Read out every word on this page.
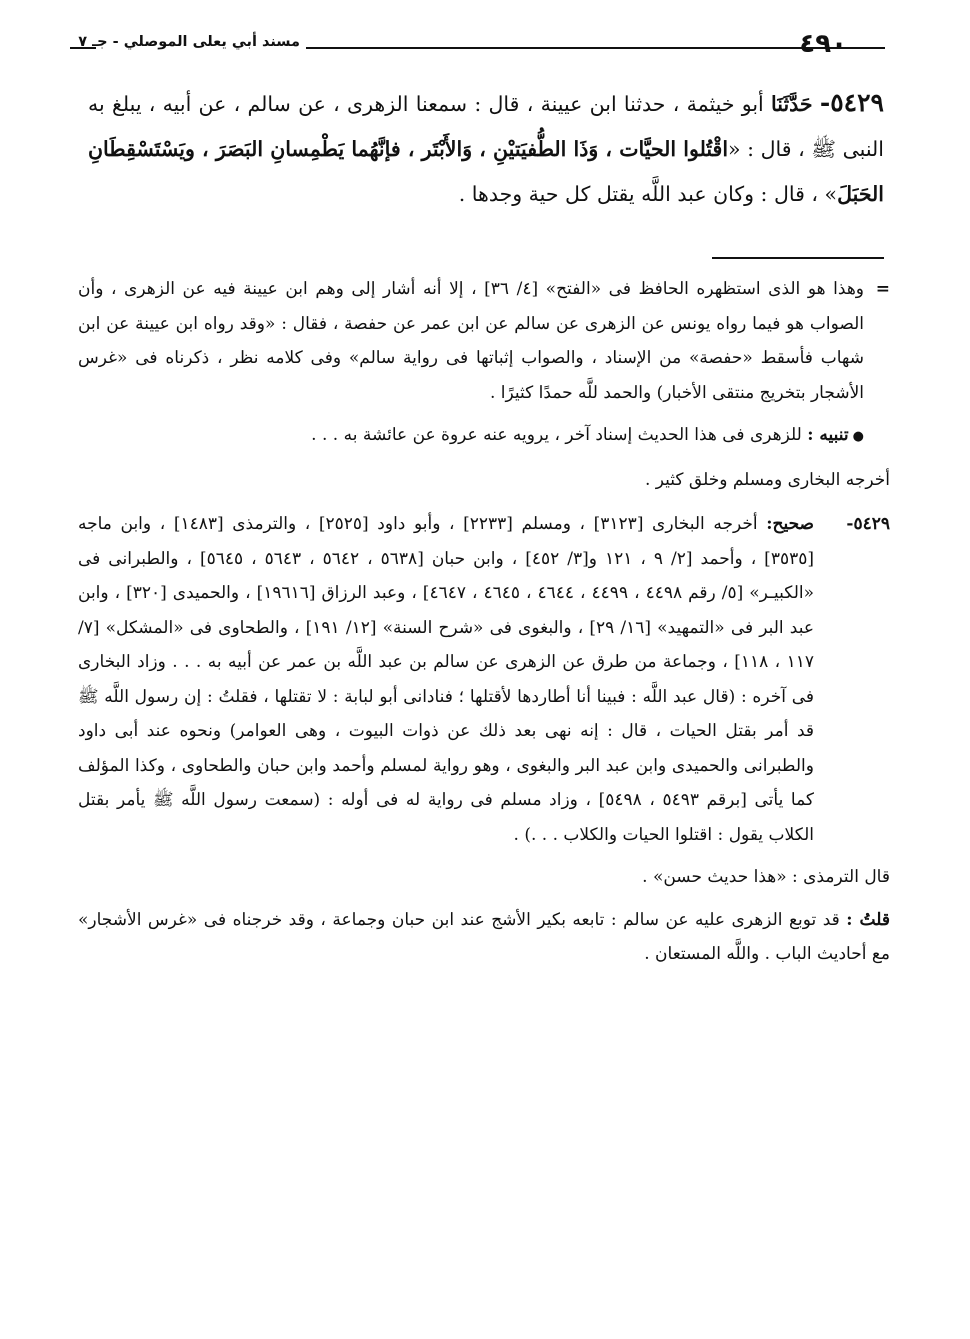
مسند أبي يعلى الموصلي - جـ ٧	٤٩٠
٥٤٢٩- حَدَّثَنَا أبو خيثمة ، حدثنا ابن عيينة ، قال : سمعنا الزهرى ، عن سالم ، عن أبيه ، يبلغ به النبى ﷺ ، قال : «اقْتُلوا الحيَّات ، وَذَا الطُّفيَتيْنِ ، وَالأَبْتَر ، فإنَّهُما يَطْمِسانِ البَصَرَ ، ويَسْتَسْقِطَانِ الحَبَلَ» ، قال : وكان عبد اللَّه يقتل كل حية وجدها .

=
وهذا هو الذى استظهره الحافظ فى «الفتح» [٤/ ٣٦] ، إلا أنه أشار إلى وهم ابن عيينة فيه عن الزهرى ، وأن الصواب هو فيما رواه يونس عن الزهرى عن سالم عن ابن عمر عن حفصة ، فقال : «وقد رواه ابن عيينة عن ابن شهاب فأسقط «حفصة» من الإسناد ، والصواب إثباتها فى رواية سالم» وفى كلامه نظر ، ذكرناه فى «غرس الأشجار بتخريج منتقى الأخبار) والحمد للَّه حمدًا كثيرًا .

●تنبيه : للزهرى فى هذا الحديث إسناد آخر ، يرويه عنه عروة عن عائشة به . . .

أخرجه البخارى ومسلم وخلق كثير .

٥٤٢٩-
صحيح: أخرجه البخارى [٣١٢٣] ، ومسلم [٢٢٣٣] ، وأبو داود [٢٥٢٥] ، والترمذى [١٤٨٣] ، وابن ماجه [٣٥٣٥] ، وأحمد [٢/ ٩ ، ١٢١ و[٣/ ٤٥٢] ، وابن حبان [٥٦٣٨ ، ٥٦٤٢ ، ٥٦٤٣ ، ٥٦٤٥] ، والطبرانى فى «الكبيـر» [٥/ رقم ٤٤٩٨ ، ٤٤٩٩ ، ٤٦٤٤ ، ٤٦٤٥ ، ٤٦٤٧] ، وعبد الرزاق [١٩٦١٦] ، والحميدى [٣٢٠] ، وابن عبد البر فى «التمهيد» [١٦/ ٢٩] ، والبغوى فى «شرح السنة» [١٢/ ١٩١] ، والطحاوى فى «المشكل» [٧/ ١١٧ ، ١١٨] ، وجماعة من طرق عن الزهرى عن سالم بن عبد اللَّه بن عمر عن أبيه به . . . وزاد البخارى فى آخره : (قال عبد اللَّه : فبينا أنا أطاردها لأقتلها ؛ فنادانى أبو لبابة : لا تقتلها ، فقلتُ : إن رسول اللَّه ﷺ قد أمر بقتل الحيات ، قال : إنه نهى بعد ذلك عن ذوات البيوت ، وهى العوامر) ونحوه عند أبى داود والطبرانى والحميدى وابن عبد البر والبغوى ، وهو رواية لمسلم وأحمد وابن حبان والطحاوى ، وكذا المؤلف كما يأتى [برقم ٥٤٩٣ ، ٥٤٩٨] ، وزاد مسلم فى رواية له فى أوله : (سمعت رسول اللَّه ﷺ يأمر بقتل الكلاب يقول : اقتلوا الحيات والكلاب . . .) .

قال الترمذى : «هذا حديث حسن» .

قلتُ : قد توبع الزهرى عليه عن سالم : تابعه بكير الأشج عند ابن حبان وجماعة ، وقد خرجناه فى «غرس الأشجار» مع أحاديث الباب . واللَّه المستعان .
